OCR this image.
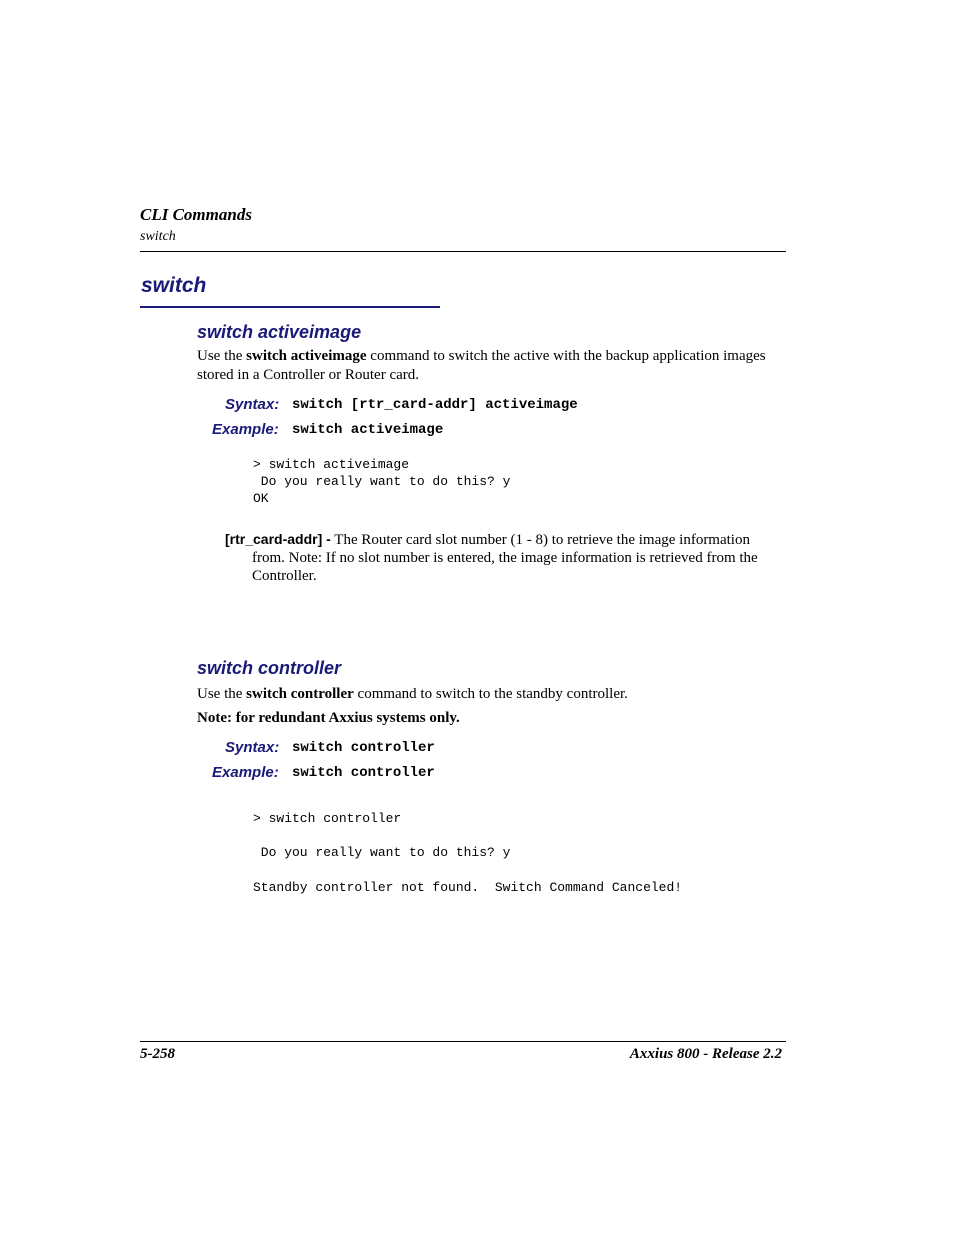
CLI Commands
switch
switch
switch activeimage
Use the switch activeimage command to switch the active with the backup application images
stored in a Controller or Router card.
Syntax: switch [rtr_card-addr] activeimage
Example: switch activeimage
> switch activeimage
Do you really want to do this? y
OK
[rtr_card-addr] - The Router card slot number (1 - 8) to retrieve the image information
from. Note: If no slot number is entered, the image information is retrieved from the
Controller.
switch controller
Use the switch controller command to switch to the standby controller.
Note: for redundant Axxius systems only.
Syntax: switch controller
Example: switch controller
> switch controller
Do you really want to do this? y
Standby controller not found.  Switch Command Canceled!
5-258	Axxius 800 - Release 2.2
